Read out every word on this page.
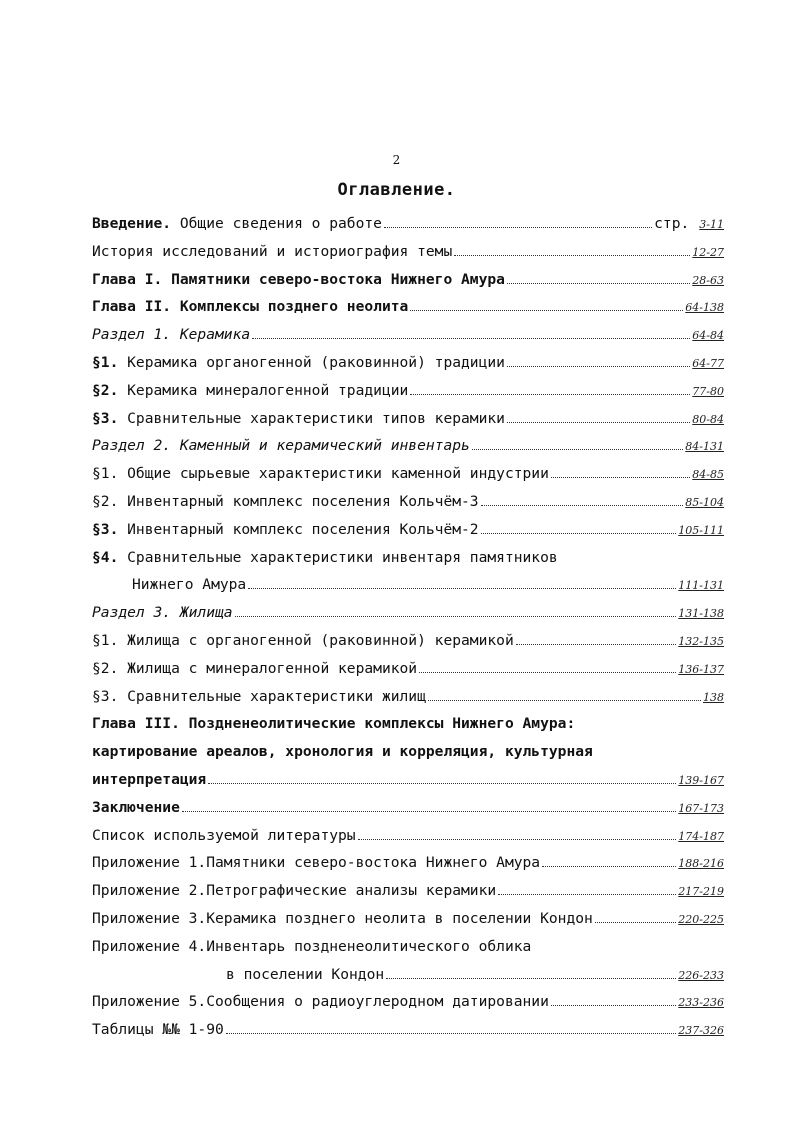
2
Оглавление.
Введение. Общие сведения о работе	стр. 3-11
История исследований и историография темы	12-27
Глава I. Памятники северо-востока Нижнего Амура	28-63
Глава II. Комплексы позднего неолита	64-138
Раздел 1. Керамика	64-84
§1. Керамика органогенной (раковинной) традиции	64-77
§2. Керамика минералогенной традиции	77-80
§3. Сравнительные характеристики типов керамики	80-84
Раздел 2. Каменный и керамический инвентарь	84-131
§1. Общие сырьевые характеристики каменной индустрии	84-85
§2. Инвентарный комплекс поселения Кольчём-3	85-104
§3. Инвентарный комплекс поселения Кольчём-2	105-111
§4. Сравнительные характеристики инвентаря памятников
Нижнего Амура	111-131
Раздел 3. Жилища	131-138
§1. Жилища с органогенной (раковинной) керамикой	132-135
§2. Жилища с минералогенной керамикой	136-137
§3. Сравнительные характеристики жилищ	138
Глава III. Поздненеолитические комплексы Нижнего Амура:
картирование ареалов, хронология и корреляция, культурная
интерпретация	139-167
Заключение	167-173
Список используемой литературы	174-187
Приложение 1.Памятники северо-востока Нижнего Амура	188-216
Приложение 2.Петрографические анализы керамики	217-219
Приложение 3.Керамика позднего неолита в поселении Кондон	220-225
Приложение 4.Инвентарь поздненеолитического облика
в поселении Кондон	226-233
Приложение 5.Сообщения о радиоуглеродном датировании	233-236
Таблицы №№ 1-90	237-326
